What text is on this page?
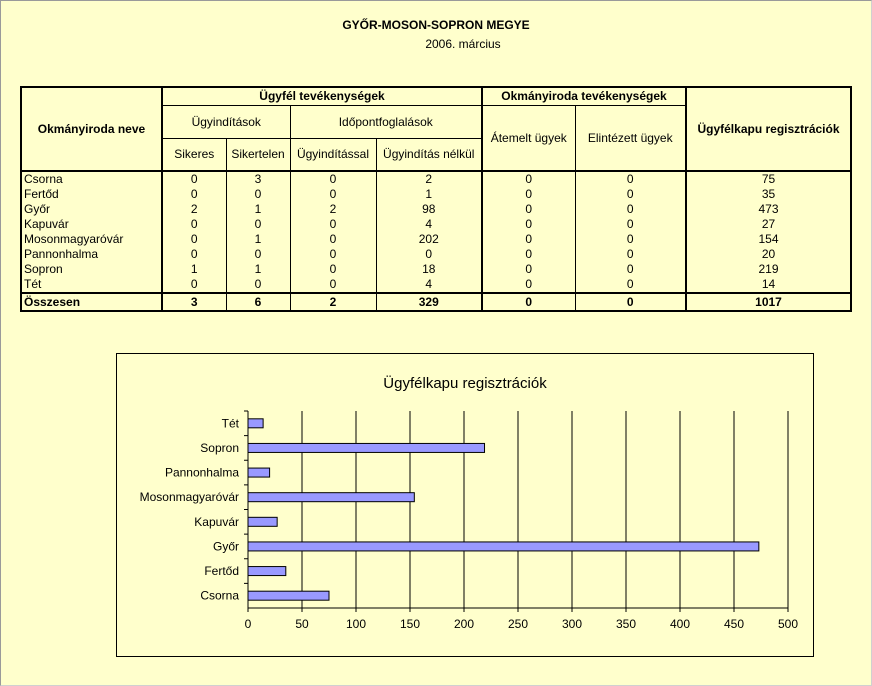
GYŐR-MOSON-SOPRON MEGYE
2006. március
Okmányiroda neve	Ügyfél tevékenységek				Okmányiroda tevékenységek		Ügyfélkapu regisztrációk
	Ügyindítások		Időpontfoglalások		Átemelt ügyek	Elintézett ügyek	
	Sikeres	Sikertelen	Ügyindítással	Ügyindítás nélkül			
Csorna	0	3	0	2	0	0	75
Fertőd	0	0	0	1	0	0	35
Győr	2	1	2	98	0	0	473
Kapuvár	0	0	0	4	0	0	27
Mosonmagyaróvár	0	1	0	202	0	0	154
Pannonhalma	0	0	0	0	0	0	20
Sopron	1	1	0	18	0	0	219
Tét	0	0	0	4	0	0	14
Összesen	3	6	2	329	0	0	1017
Ügyfélkapu regisztrációk
0	50	100	150	200	250	300	350	400	450	500
Tét
Sopron
Pannonhalma
Mosonmagyaróvár
Kapuvár
Győr
Fertőd
Csorna
